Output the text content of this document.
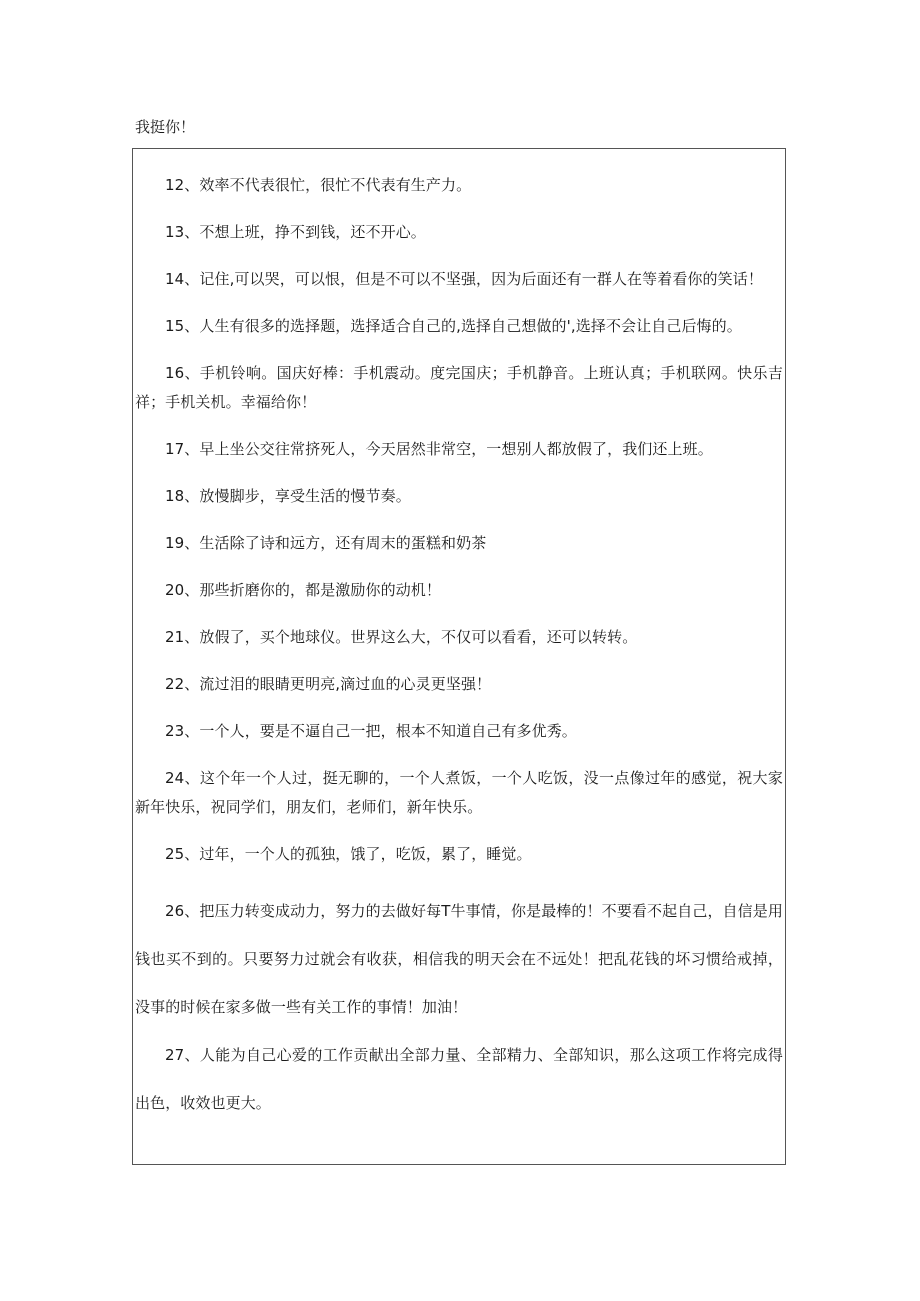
我挺你！

12、效率不代表很忙，很忙不代表有生产力。

13、不想上班，挣不到钱，还不开心。

14、记住,可以哭，可以恨，但是不可以不坚强，因为后面还有一群人在等着看你的笑话！

15、人生有很多的选择题，选择适合自己的,选择自己想做的',选择不会让自己后悔的。

16、手机铃响。国庆好棒：手机震动。度完国庆；手机静音。上班认真；手机联网。快乐吉祥；手机关机。幸福给你！

17、早上坐公交往常挤死人，今天居然非常空，一想别人都放假了，我们还上班。

18、放慢脚步，享受生活的慢节奏。

19、生活除了诗和远方，还有周末的蛋糕和奶茶

20、那些折磨你的，都是激励你的动机！

21、放假了，买个地球仪。世界这么大，不仅可以看看，还可以转转。

22、流过泪的眼睛更明亮,滴过血的心灵更坚强！

23、一个人，要是不逼自己一把，根本不知道自己有多优秀。

24、这个年一个人过，挺无聊的，一个人煮饭，一个人吃饭，没一点像过年的感觉，祝大家新年快乐，祝同学们，朋友们，老师们，新年快乐。

25、过年，一个人的孤独，饿了，吃饭，累了，睡觉。

26、把压力转变成动力，努力的去做好每T牛事情，你是最棒的！不要看不起自己，自信是用钱也买不到的。只要努力过就会有收获，相信我的明天会在不远处！把乱花钱的坏习惯给戒掉，没事的时候在家多做一些有关工作的事情！加油！

27、人能为自己心爱的工作贡献出全部力量、全部精力、全部知识，那么这项工作将完成得出色，收效也更大。
